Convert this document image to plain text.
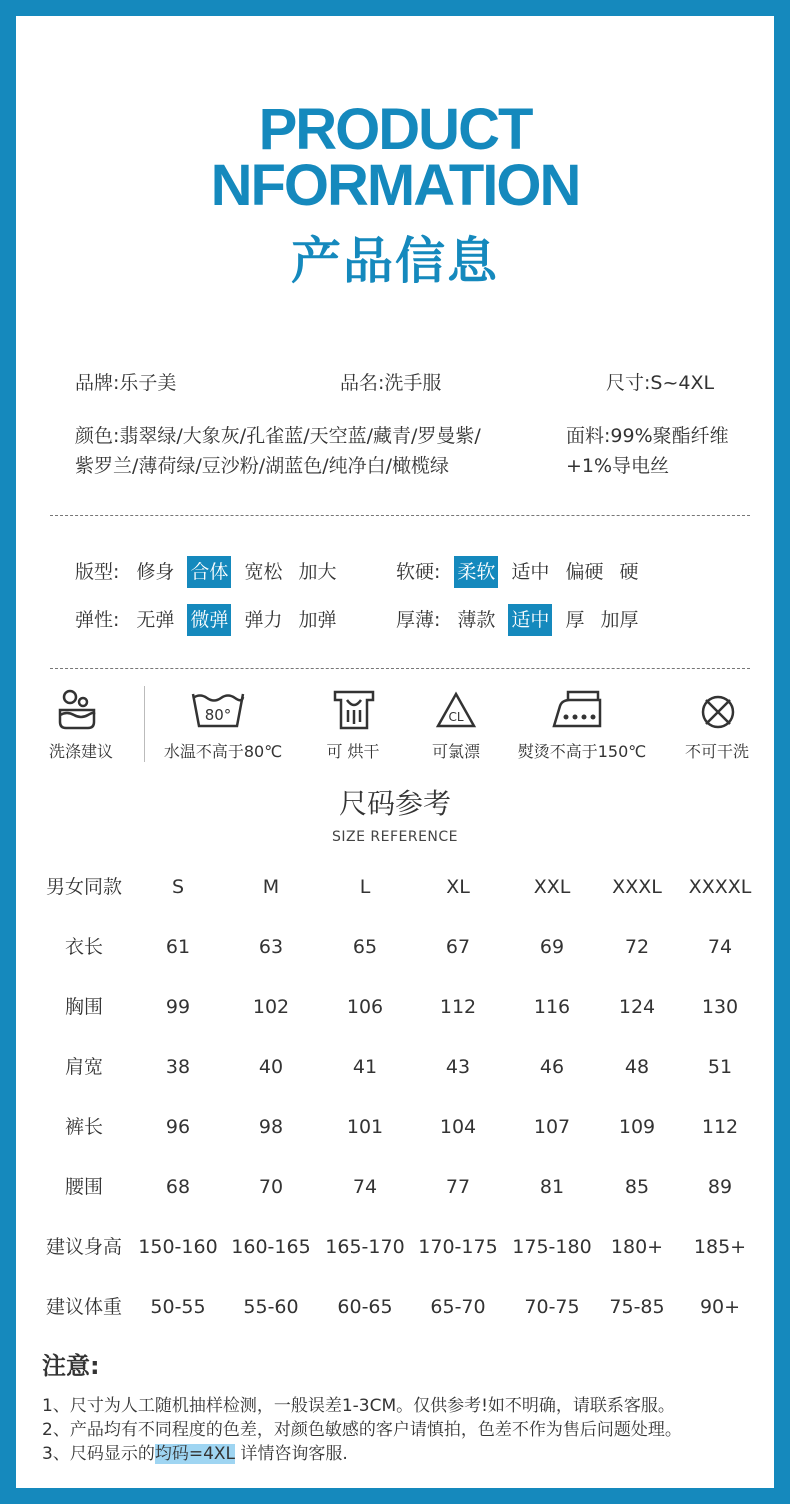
PRODUCT
NFORMATION
产品信息
品牌:乐子美	品名:洗手服	尺寸:S~4XL
颜色:翡翠绿/大象灰/孔雀蓝/天空蓝/藏青/罗曼紫/
紫罗兰/薄荷绿/豆沙粉/湖蓝色/纯净白/橄榄绿
面料:99%聚酯纤维
+1%导电丝
版型: 修身 合体 宽松 加大	软硬: 柔软 适中 偏硬 硬
弹性: 无弹 微弹 弹力 加弹	厚薄: 薄款 适中 厚 加厚
洗涤建议
80°
水温不高于80℃	可 烘干
CL
可氯漂	熨烫不高于150℃	不可干洗
尺码参考
SIZE REFERENCE
男女同款	S	M	L	XL	XXL	XXXL	XXXXL
衣长	61	63	65	67	69	72	74
胸围	99	102	106	112	116	124	130
肩宽	38	40	41	43	46	48	51
裤长	96	98	101	104	107	109	112
腰围	68	70	74	77	81	85	89
建议身高 150-160 160-165 165-170 170-175 175-180	180+	185+
建议体重	50-55	55-60	60-65	65-70	70-75	75-85	90+
注意:
1、尺寸为人工随机抽样检测，一般误差1-3CM。仅供参考!如不明确，请联系客服。
2、产品均有不同程度的色差，对颜色敏感的客户请慎拍，色差不作为售后问题处理。
3、尺码显示的均码=4XL 详情咨询客服.
